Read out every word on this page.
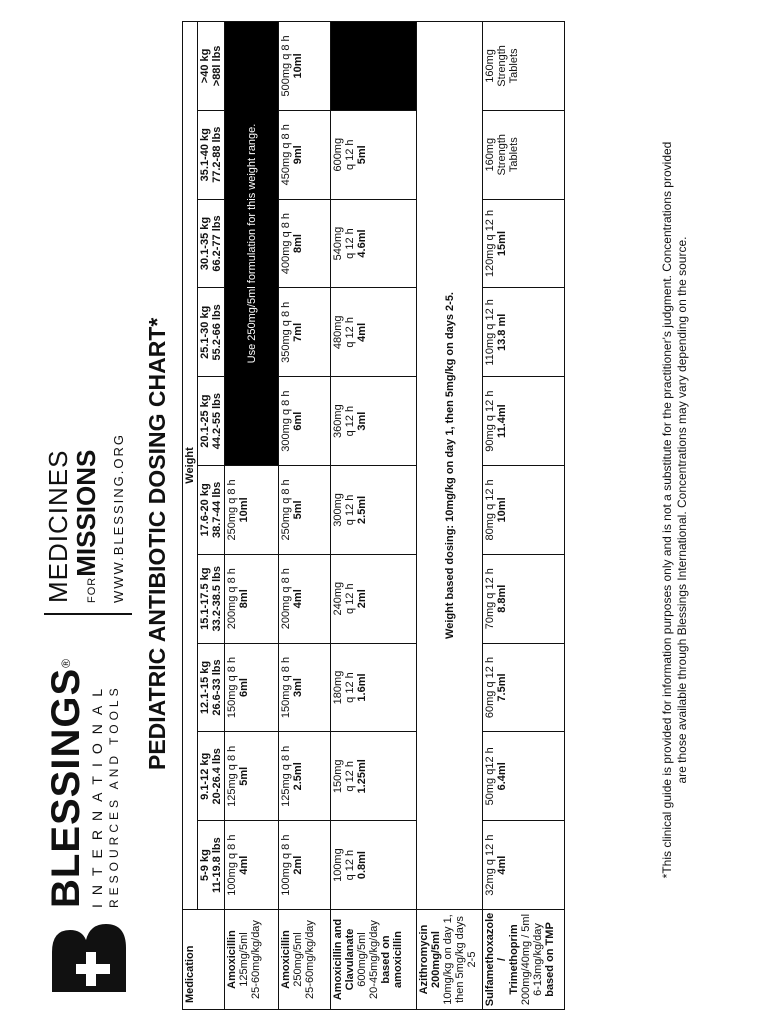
BLESSINGS®
INTERNATIONAL RESOURCES AND TOOLS
MEDICINES	FORMISSIONS WWW.BLESSING.ORG PEDIATRIC ANTIBIOTIC DOSING CHART*
Medication	Weight									

	5-9 kg 11-19.8 lbs	9.1-12 kg 20-26.4 lbs	12.1-15 kg 26.6-33 lbs	15.1-17.5 kg 33.2-38.5 lbs	17.6-20 kg 38.7-44 lbs	20.1-25 kg 44.2-55 lbs	25.1-30 kg 55.2-66 lbs	30.1-35 kg 66.2-77 lbs	35.1-40 kg 77.2-88 lbs	>40 kg >88l lbs

Amoxicillin 125mg/5ml 25-60mg/kg/day	100mg q 8 h 4ml	125mg q 8 h 5ml	150mg q 8 h 6ml	200mg q 8 h 8ml	250mg q 8 h 10ml	Use 250mg/5ml formulation for this weight range.				

Amoxicillin 250mg/5ml 25-60mg/kg/day	100mg q 8 h 2ml	125mg q 8 h 2.5ml	150mg q 8 h 3ml	200mg q 8 h 4ml	250mg q 8 h 5ml	300mg q 8 h 6ml	350mg q 8 h 7ml	400mg q 8 h 8ml	450mg q 8 h 9ml	500mg q 8 h 10ml

Amoxicillin and Clavulanate 600mg/5ml 20-45mg/kg/day based on amoxicillin	100mg q 12 h 0.8ml	150mg q 12 h 1.25ml	180mg q 12 h 1.6ml	240mg q 12 h 2ml	300mg q 12 h 2.5ml	360mg q 12 h 3ml	480mg q 12 h 4ml	540mg q 12 h 4.6ml	600mg q 12 h 5ml	

Azithromycin 200mg/5ml 10mg/kg on day 1, then 5mg/kg days 2-5	Weight based dosing: 10mg/kg on day 1, then 5mg/kg on days 2-5.									

Sulfamethoxazole / Trimethoprim 200mg/40mg / 5ml 6-13mg/kg/day based on TMP	32mg q 12 h 4ml	50mg q12 h 6.4ml	60mg q 12 h 7.5ml	70mg q 12 h 8.8ml	80mg q 12 h 10ml	90mg q 12 h 11.4ml	110mg q 12 h 13.8 ml	120mg q 12 h 15ml	160mg Strength Tablets	160mg Strength Tablets
*This clinical guide is provided for information purposes only and is not a substitute for the practitioner's judgment. Concentrations provided are those available through Blessings International. Concentrations may vary depending on the source.
